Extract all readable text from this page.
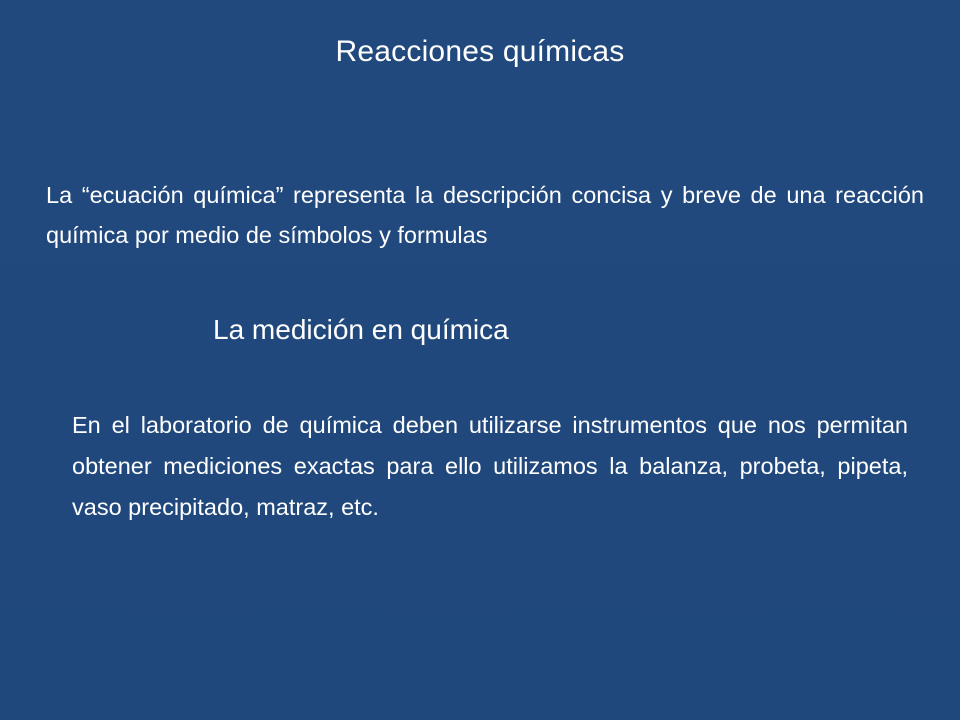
Reacciones químicas
La “ecuación química” representa la descripción concisa y breve de una reacción química por medio de símbolos y formulas
La medición en química
En el laboratorio de química deben utilizarse instrumentos que nos permitan obtener mediciones exactas para ello utilizamos la balanza, probeta, pipeta, vaso precipitado, matraz, etc.
